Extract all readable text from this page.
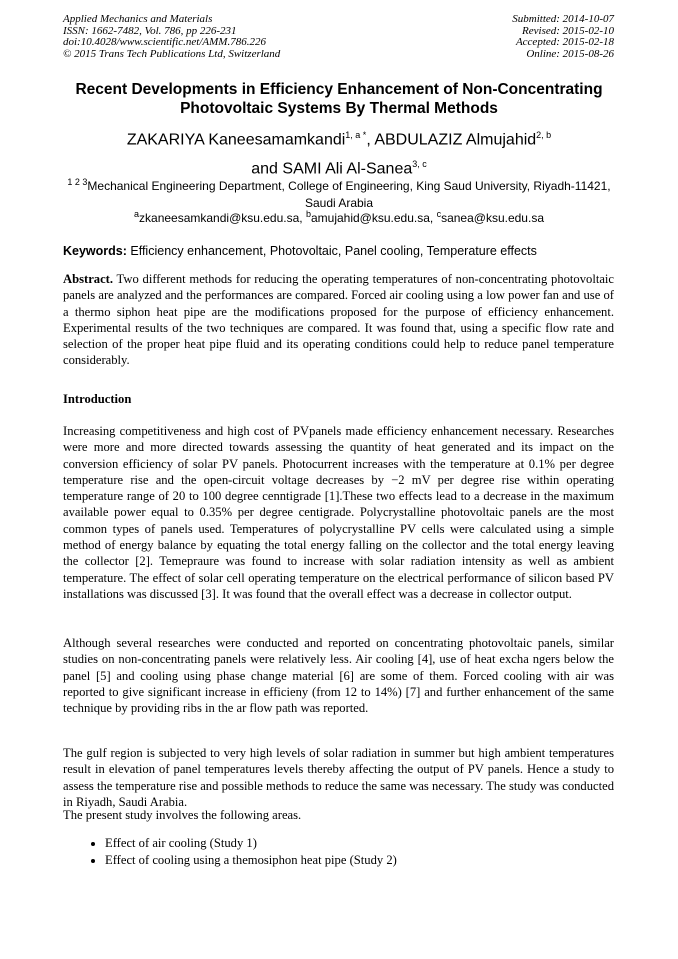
Applied Mechanics and Materials
ISSN: 1662-7482, Vol. 786, pp 226-231
doi:10.4028/www.scientific.net/AMM.786.226
© 2015 Trans Tech Publications Ltd, Switzerland
Submitted: 2014-10-07
Revised: 2015-02-10
Accepted: 2015-02-18
Online: 2015-08-26
Recent Developments in Efficiency Enhancement of Non-Concentrating Photovoltaic Systems By Thermal Methods
ZAKARIYA Kaneesamamkandi$^{1, a *}$, ABDULAZIZ Almujahid$^{2, b}$
and SAMI Ali Al-Sanea$^{3, c}$
$^{1 2 3}$Mechanical Engineering Department, College of Engineering, King Saud University, Riyadh-11421, Saudi Arabia
$^a$zkaneesamkandi@ksu.edu.sa, $^b$amujahid@ksu.edu.sa, $^c$sanea@ksu.edu.sa
Keywords: Efficiency enhancement, Photovoltaic, Panel cooling, Temperature effects
Abstract. Two different methods for reducing the operating temperatures of non-concentrating photovoltaic panels are analyzed and the performances are compared. Forced air cooling using a low power fan and use of a thermo siphon heat pipe are the modifications proposed for the purpose of efficiency enhancement. Experimental results of the two techniques are compared. It was found that, using a specific flow rate and selection of the proper heat pipe fluid and its operating conditions could help to reduce panel temperature considerably.
Introduction
Increasing competitiveness and high cost of PVpanels made efficiency enhancement necessary. Researches were more and more directed towards assessing the quantity of heat generated and its impact on the conversion efficiency of solar PV panels. Photocurrent increases with the temperature at 0.1% per degree temperature rise and the open-circuit voltage decreases by −2 mV per degree rise within operating temperature range of 20 to 100 degree cenntigrade [1].These two effects lead to a decrease in the maximum available power equal to 0.35% per degree centigrade. Polycrystalline photovoltaic panels are the most common types of panels used. Temperatures of polycrystalline PV cells were calculated using a simple method of energy balance by equating the total energy falling on the collector and the total energy leaving the collector [2]. Temepraure was found to increase with solar radiation intensity as well as ambient temperature. The effect of solar cell operating temperature on the electrical performance of silicon based PV installations was discussed [3]. It was found that the overall effect was a decrease in collector output.
Although several researches were conducted and reported on concentrating photovoltaic panels, similar studies on non-concentrating panels were relatively less. Air cooling [4], use of heat excha ngers below the panel [5] and cooling using phase change material [6] are some of them. Forced cooling with air was reported to give significant increase in efficieny (from 12 to 14%) [7] and further enhancement of the same technique by providing ribs in the ar flow path was reported.
The gulf region is subjected to very high levels of solar radiation in summer but high ambient temperatures result in elevation of panel temperatures levels thereby affecting the output of PV panels. Hence a study to assess the temperature rise and possible methods to reduce the same was necessary. The study was conducted in Riyadh, Saudi Arabia.
The present study involves the following areas.
• Effect of air cooling (Study 1)
• Effect of cooling using a themosiphon heat pipe (Study 2)
